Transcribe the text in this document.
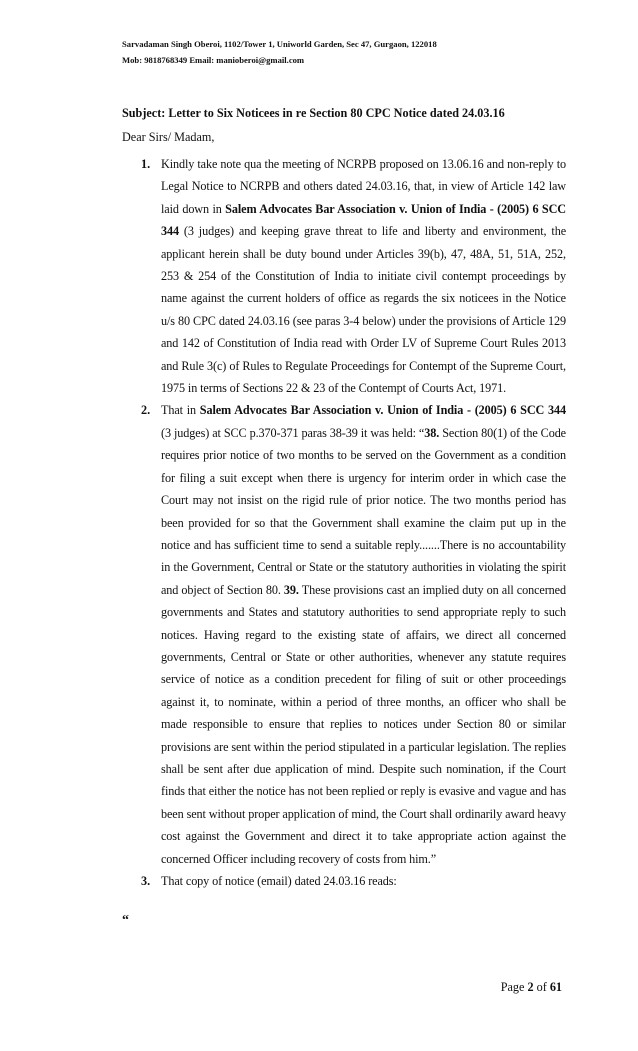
Sarvadaman Singh Oberoi, 1102/Tower 1, Uniworld Garden, Sec 47, Gurgaon, 122018
Mob: 9818768349 Email: manioberoi@gmail.com
Subject: Letter to Six Noticees in re Section 80 CPC Notice dated 24.03.16
Dear Sirs/ Madam,
1. Kindly take note qua the meeting of NCRPB proposed on 13.06.16 and non-reply to Legal Notice to NCRPB and others dated 24.03.16, that, in view of Article 142 law laid down in Salem Advocates Bar Association v. Union of India - (2005) 6 SCC 344 (3 judges) and keeping grave threat to life and liberty and environment, the applicant herein shall be duty bound under Articles 39(b), 47, 48A, 51, 51A, 252, 253 & 254 of the Constitution of India to initiate civil contempt proceedings by name against the current holders of office as regards the six noticees in the Notice u/s 80 CPC dated 24.03.16 (see paras 3-4 below) under the provisions of Article 129 and 142 of Constitution of India read with Order LV of Supreme Court Rules 2013 and Rule 3(c) of Rules to Regulate Proceedings for Contempt of the Supreme Court, 1975 in terms of Sections 22 & 23 of the Contempt of Courts Act, 1971.

2. That in Salem Advocates Bar Association v. Union of India - (2005) 6 SCC 344 (3 judges) at SCC p.370-371 paras 38-39 it was held: “38. Section 80(1) of the Code requires prior notice of two months to be served on the Government as a condition for filing a suit except when there is urgency for interim order in which case the Court may not insist on the rigid rule of prior notice. The two months period has been provided for so that the Government shall examine the claim put up in the notice and has sufficient time to send a suitable reply.......There is no accountability in the Government, Central or State or the statutory authorities in violating the spirit and object of Section 80. 39. These provisions cast an implied duty on all concerned governments and States and statutory authorities to send appropriate reply to such notices. Having regard to the existing state of affairs, we direct all concerned governments, Central or State or other authorities, whenever any statute requires service of notice as a condition precedent for filing of suit or other proceedings against it, to nominate, within a period of three months, an officer who shall be made responsible to ensure that replies to notices under Section 80 or similar provisions are sent within the period stipulated in a particular legislation. The replies shall be sent after due application of mind. Despite such nomination, if the Court finds that either the notice has not been replied or reply is evasive and vague and has been sent without proper application of mind, the Court shall ordinarily award heavy cost against the Government and direct it to take appropriate action against the concerned Officer including recovery of costs from him.”

3. That copy of notice (email) dated 24.03.16 reads:

“
Page 2 of 61
